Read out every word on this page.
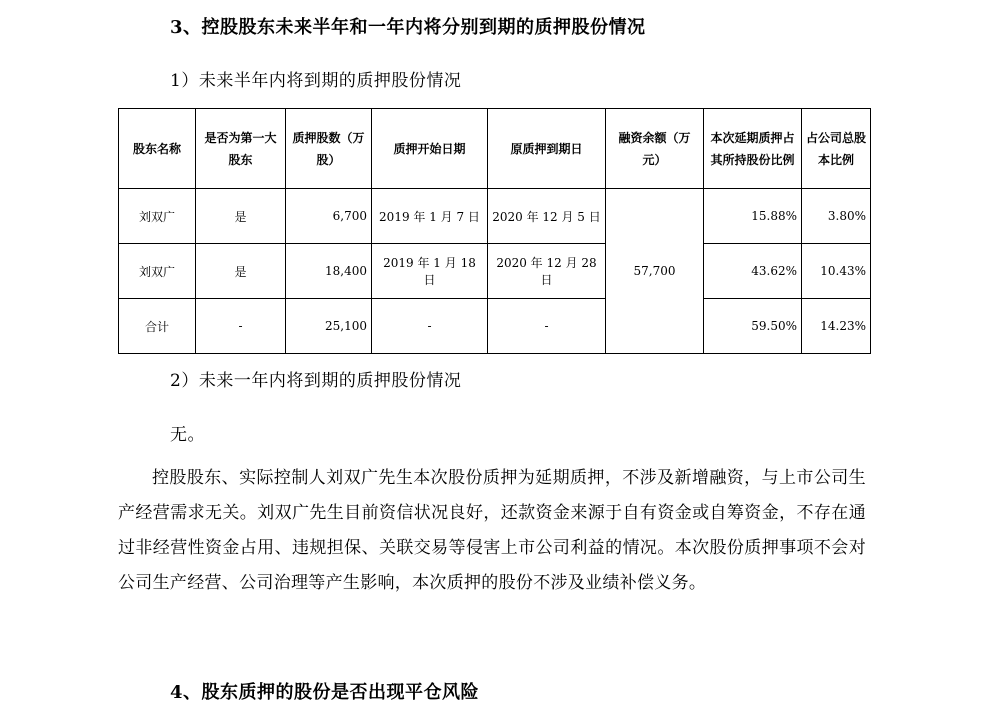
3、控股股东未来半年和一年内将分别到期的质押股份情况
1）未来半年内将到期的质押股份情况
股东名称	是否为第一大股东	质押股数（万股）	质押开始日期	原质押到期日	融资余额（万元）	本次延期质押占其所持股份比例	占公司总股本比例
刘双广	是	6,700	2019 年 1 月 7 日	2020 年 12 月 5 日	57,700	15.88%	3.80%
刘双广	是	18,400	2019 年 1 月 18 日	2020 年 12 月 28 日		43.62%	10.43%
合计	-	25,100	-	-		59.50%	14.23%
2）未来一年内将到期的质押股份情况
无。
控股股东、实际控制人刘双广先生本次股份质押为延期质押，不涉及新增融资，与上市公司生产经营需求无关。刘双广先生目前资信状况良好，还款资金来源于自有资金或自筹资金，不存在通过非经营性资金占用、违规担保、关联交易等侵害上市公司利益的情况。本次股份质押事项不会对公司生产经营、公司治理等产生影响，本次质押的股份不涉及业绩补偿义务。
4、股东质押的股份是否出现平仓风险
